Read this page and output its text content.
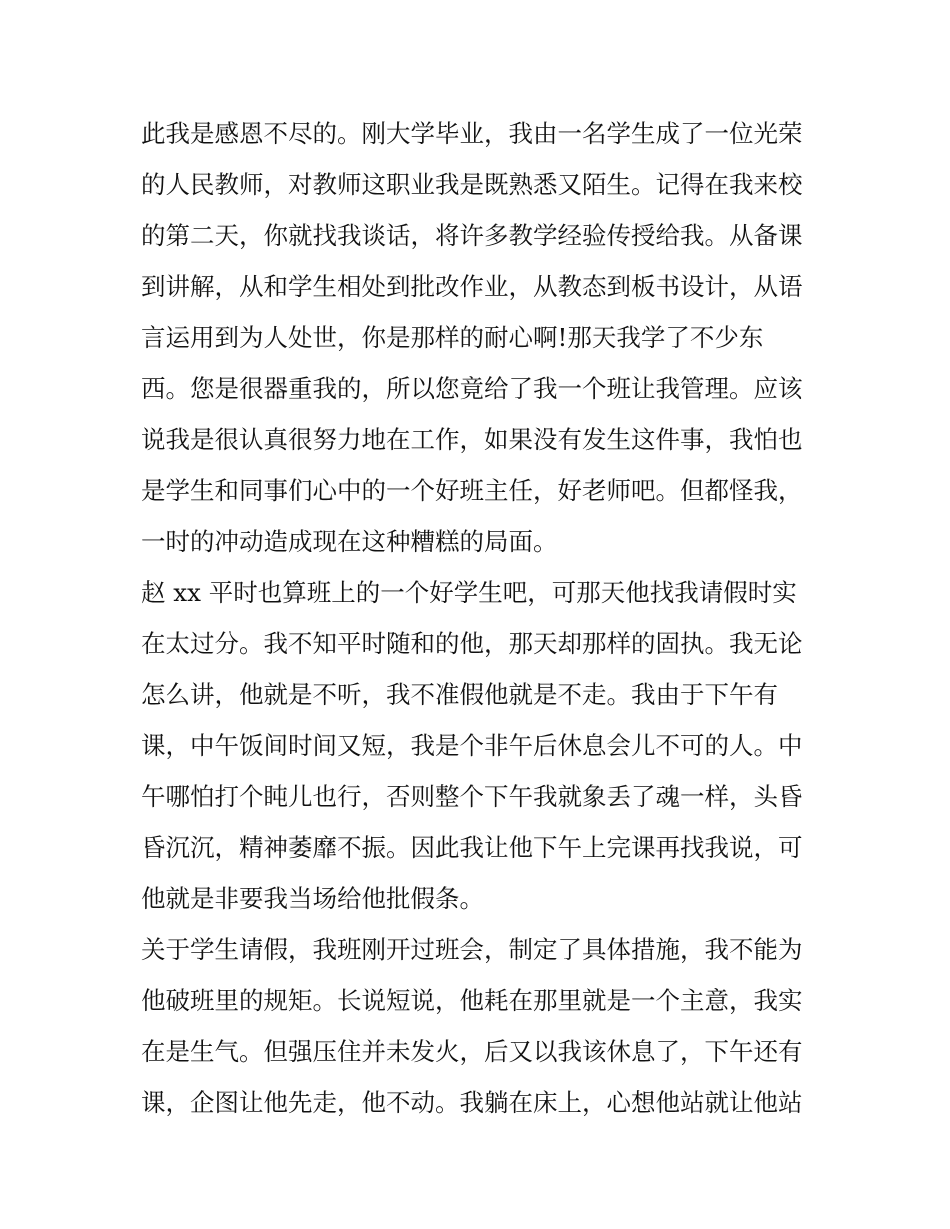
此我是感恩不尽的。刚大学毕业，我由一名学生成了一位光荣
的人民教师，对教师这职业我是既熟悉又陌生。记得在我来校
的第二天，你就找我谈话，将许多教学经验传授给我。从备课
到讲解，从和学生相处到批改作业，从教态到板书设计，从语
言运用到为人处世，你是那样的耐心啊!那天我学了不少东
西。您是很器重我的，所以您竟给了我一个班让我管理。应该
说我是很认真很努力地在工作，如果没有发生这件事，我怕也
是学生和同事们心中的一个好班主任，好老师吧。但都怪我，
一时的冲动造成现在这种糟糕的局面。
赵 xx 平时也算班上的一个好学生吧，可那天他找我请假时实
在太过分。我不知平时随和的他，那天却那样的固执。我无论
怎么讲，他就是不听，我不准假他就是不走。我由于下午有
课，中午饭间时间又短，我是个非午后休息会儿不可的人。中
午哪怕打个盹儿也行，否则整个下午我就象丢了魂一样，头昏
昏沉沉，精神萎靡不振。因此我让他下午上完课再找我说，可
他就是非要我当场给他批假条。
关于学生请假，我班刚开过班会，制定了具体措施，我不能为
他破班里的规矩。长说短说，他耗在那里就是一个主意，我实
在是生气。但强压住并未发火，后又以我该休息了，下午还有
课，企图让他先走，他不动。我躺在床上，心想他站就让他站
